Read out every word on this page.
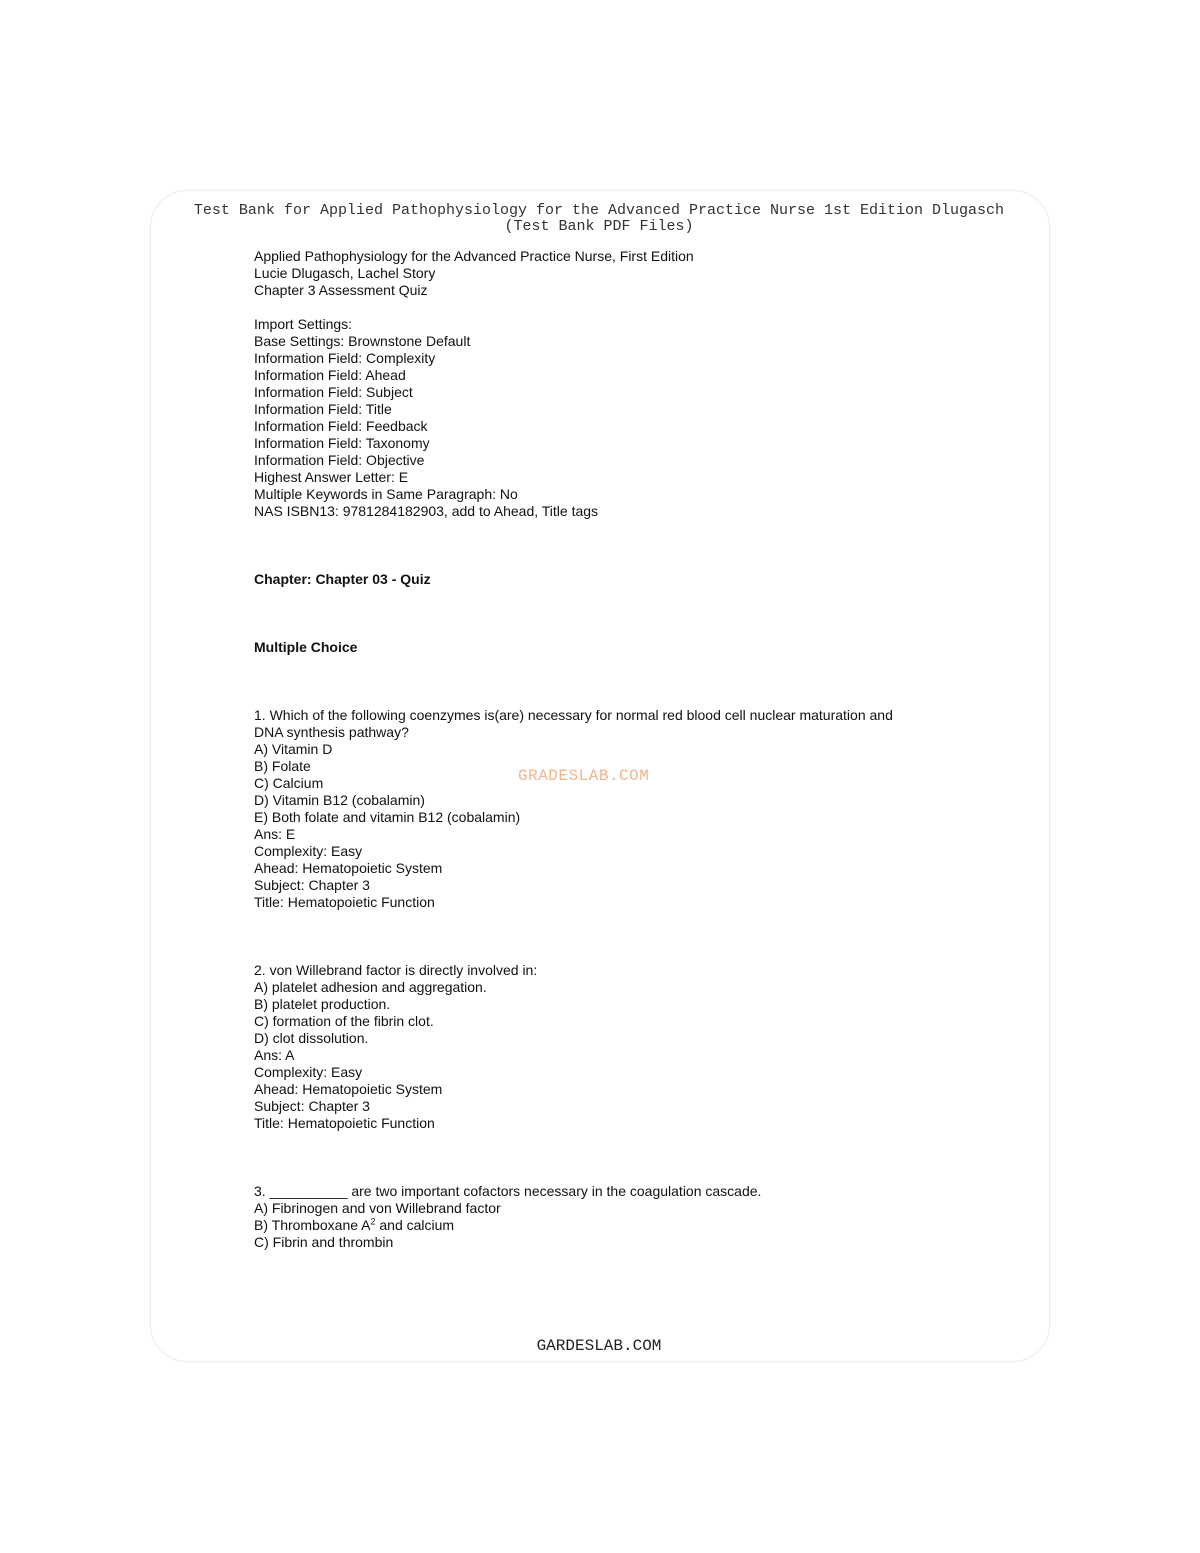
Test Bank for Applied Pathophysiology for the Advanced Practice Nurse 1st Edition Dlugasch
(Test Bank PDF Files)
Applied Pathophysiology for the Advanced Practice Nurse, First Edition
Lucie Dlugasch, Lachel Story
Chapter 3 Assessment Quiz
Import Settings:
Base Settings: Brownstone Default
Information Field: Complexity
Information Field: Ahead
Information Field: Subject
Information Field: Title
Information Field: Feedback
Information Field: Taxonomy
Information Field: Objective
Highest Answer Letter: E
Multiple Keywords in Same Paragraph: No
NAS ISBN13: 9781284182903, add to Ahead, Title tags
Chapter: Chapter 03 - Quiz
Multiple Choice
1. Which of the following coenzymes is(are) necessary for normal red blood cell nuclear maturation and
DNA synthesis pathway?
A) Vitamin D
B) Folate
C) Calcium
D) Vitamin B12 (cobalamin)
E) Both folate and vitamin B12 (cobalamin)
Ans: E
Complexity: Easy
Ahead: Hematopoietic System
Subject: Chapter 3
Title: Hematopoietic Function
2. von Willebrand factor is directly involved in:
A) platelet adhesion and aggregation.
B) platelet production.
C) formation of the fibrin clot.
D) clot dissolution.
Ans: A
Complexity: Easy
Ahead: Hematopoietic System
Subject: Chapter 3
Title: Hematopoietic Function
3. __________ are two important cofactors necessary in the coagulation cascade.
A) Fibrinogen and von Willebrand factor
B) Thromboxane $A^2$ and calcium
C) Fibrin and thrombin
GRADESLAB.COM
GARDESLAB.COM
